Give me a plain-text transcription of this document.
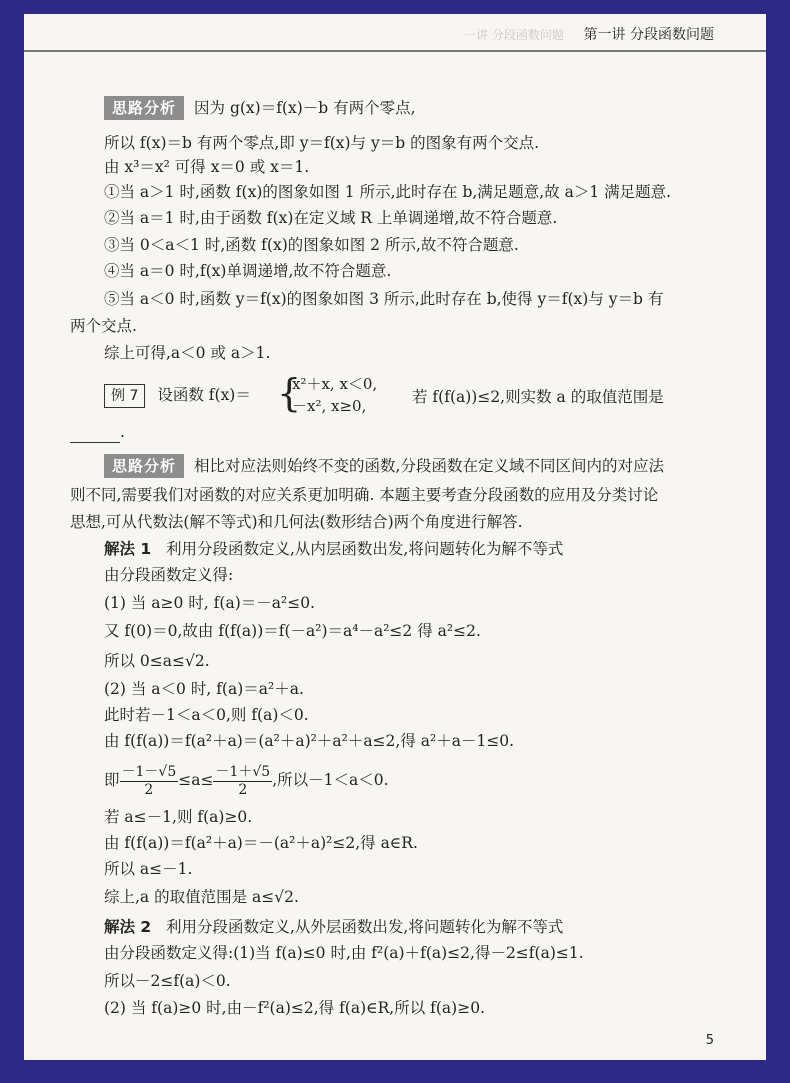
一讲 分段函数问题 第一讲 分段函数问题
思路分析 因为 g(x)＝f(x)－b 有两个零点,
所以 f(x)＝b 有两个零点,即 y＝f(x)与 y＝b 的图象有两个交点.
由 x³＝x² 可得 x＝0 或 x＝1.
①当 a＞1 时,函数 f(x)的图象如图 1 所示,此时存在 b,满足题意,故 a＞1 满足题意.
②当 a＝1 时,由于函数 f(x)在定义域 R 上单调递增,故不符合题意.
③当 0＜a＜1 时,函数 f(x)的图象如图 2 所示,故不符合题意.
④当 a＝0 时,f(x)单调递增,故不符合题意.
⑤当 a＜0 时,函数 y＝f(x)的图象如图 3 所示,此时存在 b,使得 y＝f(x)与 y＝b 有
两个交点.
综上可得,a＜0 或 a＞1.
例 7 设函数 f(x)＝ {
x²＋x, x＜0,
－x², x≥0,	若 f(f(a))≤2,则实数 a 的取值范围是
.
思路分析 相比对应法则始终不变的函数,分段函数在定义域不同区间内的对应法
则不同,需要我们对函数的对应关系更加明确. 本题主要考查分段函数的应用及分类讨论
思想,可从代数法(解不等式)和几何法(数形结合)两个角度进行解答.
解法 1 利用分段函数定义,从内层函数出发,将问题转化为解不等式
由分段函数定义得:
(1) 当 a≥0 时, f(a)＝－a²≤0.
又 f(0)＝0,故由 f(f(a))＝f(－a²)＝a⁴－a²≤2 得 a²≤2.
所以 0≤a≤√2.
(2) 当 a＜0 时, f(a)＝a²＋a.
此时若－1＜a＜0,则 f(a)＜0.
由 f(f(a))＝f(a²＋a)＝(a²＋a)²＋a²＋a≤2,得 a²＋a－1≤0.
即 $\frac{-1-√5}{2} \le a\le \frac{-1+√5}{2}$ ,所以－1＜a＜0.
若 a≤－1,则 f(a)≥0.
由 f(f(a))＝f(a²＋a)＝－(a²＋a)²≤2,得 a∈R.
所以 a≤－1.
综上,a 的取值范围是 a≤√2.
解法 2 利用分段函数定义,从外层函数出发,将问题转化为解不等式
由分段函数定义得:(1)当 f(a)≤0 时,由 f²(a)＋f(a)≤2,得－2≤f(a)≤1.
所以－2≤f(a)＜0.
(2) 当 f(a)≥0 时,由－f²(a)≤2,得 f(a)∈R,所以 f(a)≥0.
5
